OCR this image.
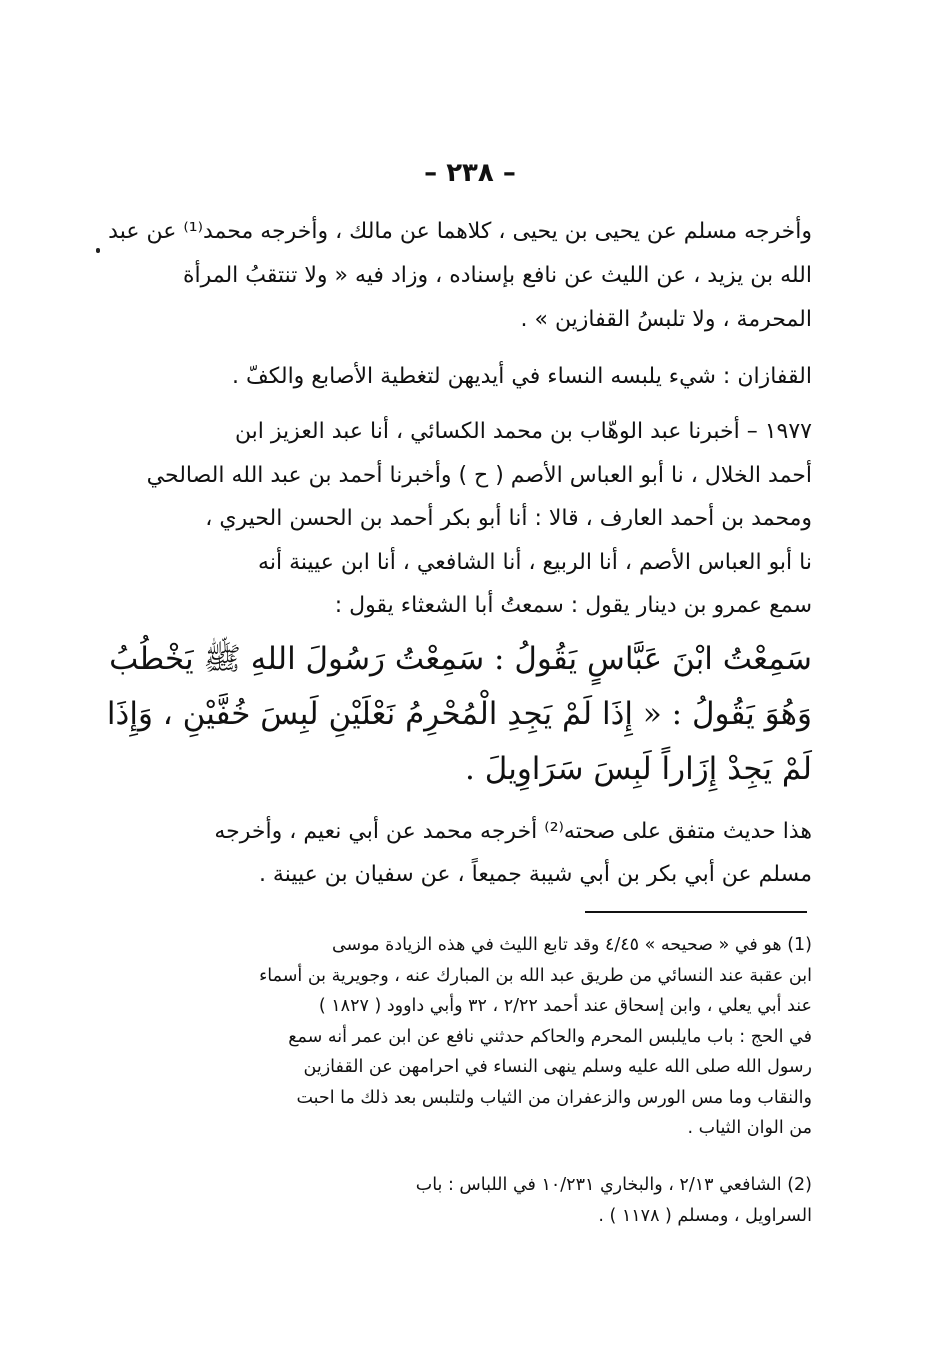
– ٢٣٨ –
وأخرجه مسلم عن يحيى بن يحيى ، كلاهما عن مالك ، وأخرجه محمد⁽¹⁾ عن عبد
الله بن يزيد ، عن الليث عن نافع بإسناده ، وزاد فيه « ولا تنتقبُ المرأة
المحرمة ، ولا تلبسُ القفازين » .
القفازان : شيء يلبسه النساء في أيديهن لتغطية الأصابع والكفّ .
١٩٧٧ – أخبرنا عبد الوهّاب بن محمد الكسائي ، أنا عبد العزيز ابن
أحمد الخلال ، نا أبو العباس الأصم ( ح ) وأخبرنا أحمد بن عبد الله الصالحي
ومحمد بن أحمد العارف ، قالا : أنا أبو بكر أحمد بن الحسن الحيري ،
نا أبو العباس الأصم ، أنا الربيع ، أنا الشافعي ، أنا ابن عيينة أنه
سمع عمرو بن دينار يقول : سمعتُ أبا الشعثاء يقول :
سَمِعْتُ ابْنَ عَبَّاسٍ يَقُولُ : سَمِعْتُ رَسُولَ اللهِ ﷺ يَخْطُبُ
وَهُوَ يَقُولُ : « إِذَا لَمْ يَجِدِ الْمُحْرِمُ نَعْلَيْنِ لَبِسَ خُفَّيْنِ ، وَإِذَا
لَمْ يَجِدْ إِزَاراً لَبِسَ سَرَاوِيلَ .
هذا حديث متفق على صحته⁽²⁾ أخرجه محمد عن أبي نعيم ، وأخرجه
مسلم عن أبي بكر بن أبي شيبة جميعاً ، عن سفيان بن عيينة .
(1) هو في « صحيحه » ٤/٤٥ وقد تابع الليث في هذه الزيادة موسى
ابن عقبة عند النسائي من طريق عبد الله بن المبارك عنه ، وجويرية بن أسماء
عند أبي يعلي ، وابن إسحاق عند أحمد ٢/٢٢ ، ٣٢ وأبي داوود ( ١٨٢٧ )
في الحج : باب مايلبس المحرم والحاكم حدثني نافع عن ابن عمر أنه سمع
رسول الله صلى الله عليه وسلم ينهى النساء في احرامهن عن القفازين
والنقاب وما مس الورس والزعفران من الثياب ولتلبس بعد ذلك ما احبت
من الوان الثياب .
(2) الشافعي ٢/١٣ ، والبخاري ١٠/٢٣١ في اللباس : باب
السراويل ، ومسلم ( ١١٧٨ ) .
